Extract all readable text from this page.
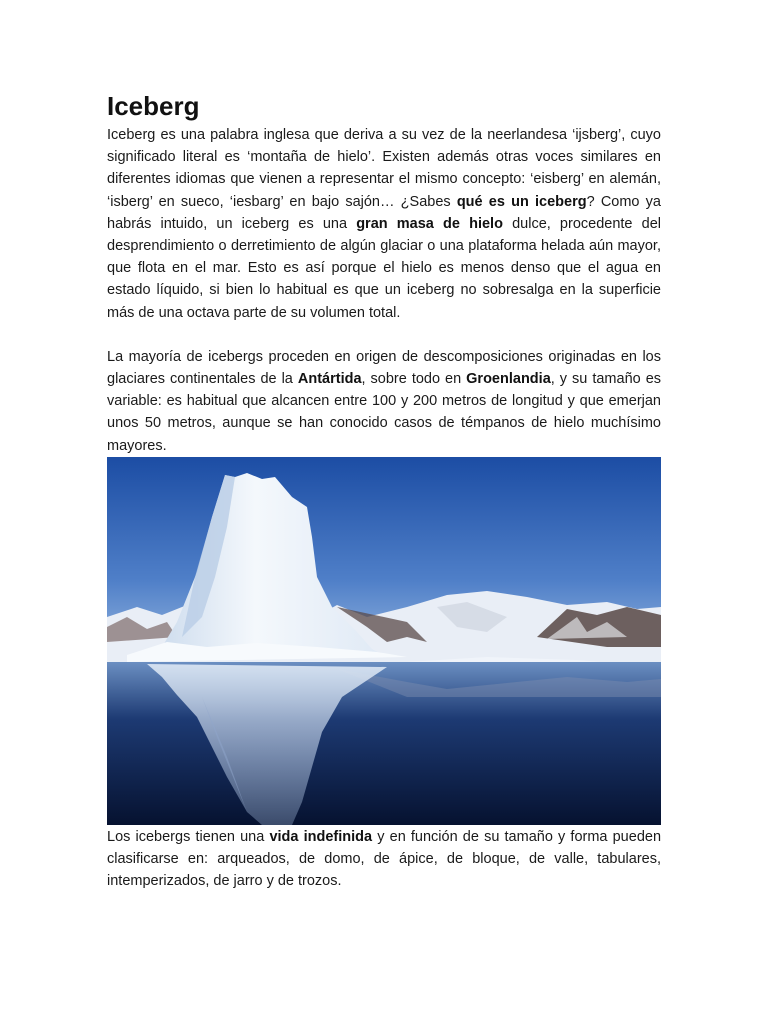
Iceberg

Iceberg es una palabra inglesa que deriva a su vez de la neerlandesa ‘ijsberg’, cuyo significado literal es ‘montaña de hielo’. Existen además otras voces similares en diferentes idiomas que vienen a representar el mismo concepto: ‘eisberg’ en alemán, ‘isberg’ en sueco, ‘iesbarg’ en bajo sajón… ¿Sabes qué es un iceberg? Como ya habrás intuido, un iceberg es una gran masa de hielo dulce, procedente del desprendimiento o derretimiento de algún glaciar o una plataforma helada aún mayor, que flota en el mar. Esto es así porque el hielo es menos denso que el agua en estado líquido, si bien lo habitual es que un iceberg no sobresalga en la superficie más de una octava parte de su volumen total.

La mayoría de icebergs proceden en origen de descomposiciones originadas en los glaciares continentales de la Antártida, sobre todo en Groenlandia, y su tamaño es variable: es habitual que alcancen entre 100 y 200 metros de longitud y que emerjan unos 50 metros, aunque se han conocido casos de témpanos de hielo muchísimo mayores.

Los icebergs tienen una vida indefinida y en función de su tamaño y forma pueden clasificarse en: arqueados, de domo, de ápice, de bloque, de valle, tabulares, intemperizados, de jarro y de trozos.
